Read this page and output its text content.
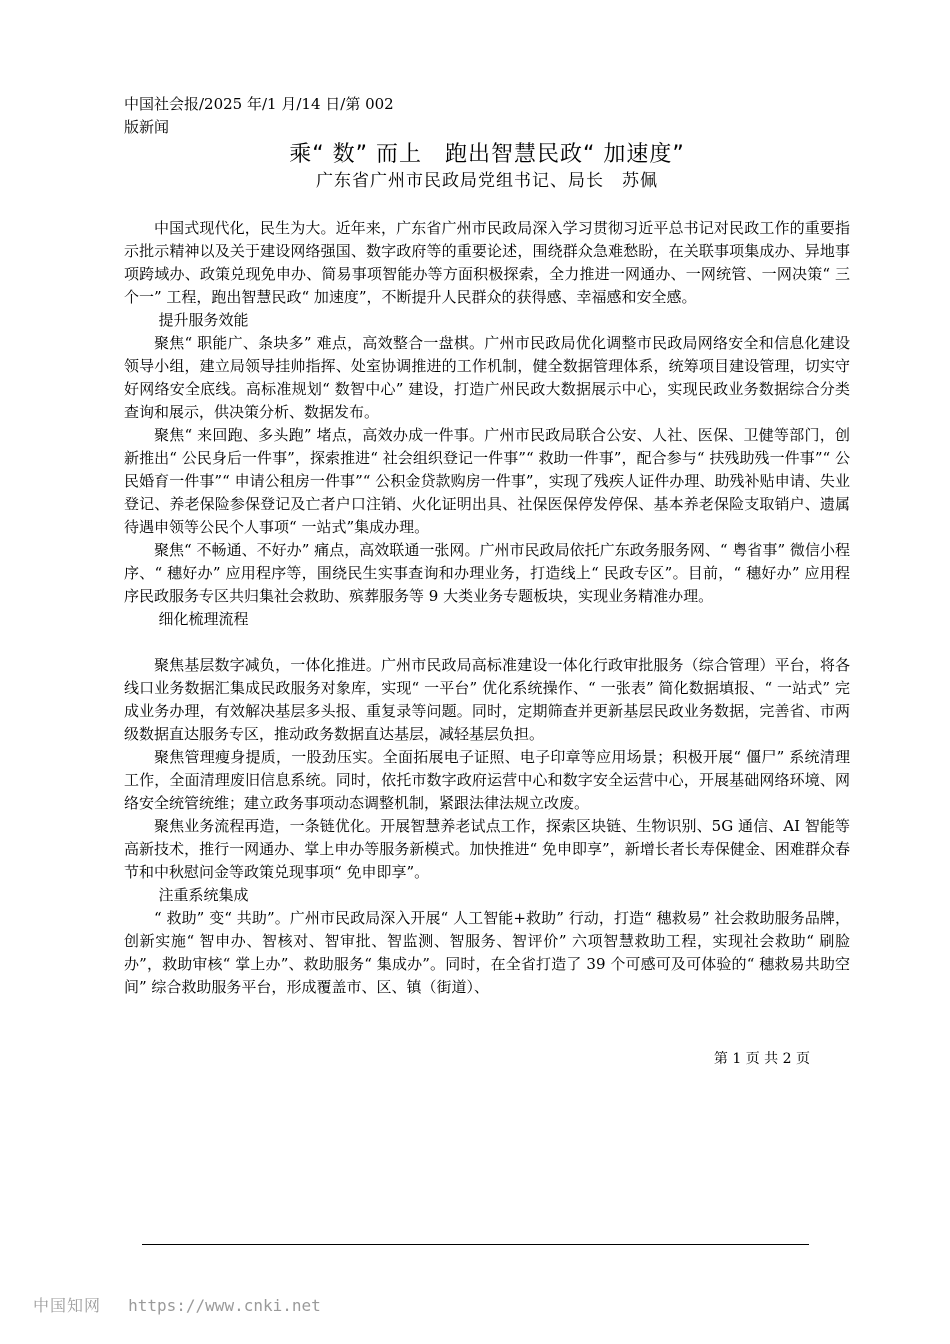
中国社会报/2025 年/1 月/14 日/第 002
版新闻
乘“ 数” 而上　跑出智慧民政“ 加速度”
广东省广州市民政局党组书记、局长　苏佩

中国式现代化，民生为大。近年来，广东省广州市民政局深入学习贯彻习近平总书记对民政工作的重要指示批示精神以及关于建设网络强国、数字政府等的重要论述，围绕群众急难愁盼，在关联事项集成办、异地事项跨域办、政策兑现免申办、简易事项智能办等方面积极探索，全力推进一网通办、一网统管、一网决策“ 三个一” 工程，跑出智慧民政“ 加速度”，不断提升人民群众的获得感、幸福感和安全感。

提升服务效能

聚焦“ 职能广、条块多” 难点，高效整合一盘棋。广州市民政局优化调整市民政局网络安全和信息化建设领导小组，建立局领导挂帅指挥、处室协调推进的工作机制，健全数据管理体系，统筹项目建设管理，切实守好网络安全底线。高标准规划“ 数智中心” 建设，打造广州民政大数据展示中心，实现民政业务数据综合分类查询和展示，供决策分析、数据发布。

聚焦“ 来回跑、多头跑” 堵点，高效办成一件事。广州市民政局联合公安、人社、医保、卫健等部门，创新推出“ 公民身后一件事”，探索推进“ 社会组织登记一件事”“ 救助一件事”，配合参与“ 扶残助残一件事”“ 公民婚育一件事”“ 申请公租房一件事”“ 公积金贷款购房一件事”，实现了残疾人证件办理、助残补贴申请、失业登记、养老保险参保登记及亡者户口注销、火化证明出具、社保医保停发停保、基本养老保险支取销户、遗属待遇申领等公民个人事项“ 一站式”集成办理。

聚焦“ 不畅通、不好办” 痛点，高效联通一张网。广州市民政局依托广东政务服务网、“ 粤省事” 微信小程序、“ 穗好办” 应用程序等，围绕民生实事查询和办理业务，打造线上“ 民政专区”。目前，“ 穗好办” 应用程序民政服务专区共归集社会救助、殡葬服务等 9 大类业务专题板块，实现业务精准办理。

细化梳理流程

聚焦基层数字减负，一体化推进。广州市民政局高标准建设一体化行政审批服务（综合管理）平台，将各线口业务数据汇集成民政服务对象库，实现“ 一平台” 优化系统操作、“ 一张表” 简化数据填报、“ 一站式” 完成业务办理，有效解决基层多头报、重复录等问题。同时，定期筛查并更新基层民政业务数据，完善省、市两级数据直达服务专区，推动政务数据直达基层，减轻基层负担。

聚焦管理瘦身提质，一股劲压实。全面拓展电子证照、电子印章等应用场景；积极开展“ 僵尸” 系统清理工作，全面清理废旧信息系统。同时，依托市数字政府运营中心和数字安全运营中心，开展基础网络环境、网络安全统管统维；建立政务事项动态调整机制，紧跟法律法规立改废。

聚焦业务流程再造，一条链优化。开展智慧养老试点工作，探索区块链、生物识别、5G 通信、AI 智能等高新技术，推行一网通办、掌上申办等服务新模式。加快推进“ 免申即享”，新增长者长寿保健金、困难群众春节和中秋慰问金等政策兑现事项“ 免申即享”。

注重系统集成

“ 救助” 变“ 共助”。广州市民政局深入开展“ 人工智能+救助” 行动，打造“ 穗救易” 社会救助服务品牌，创新实施“ 智申办、智核对、智审批、智监测、智服务、智评价” 六项智慧救助工程，实现社会救助“ 刷脸办”，救助审核“ 掌上办”、救助服务“ 集成办”。同时，在全省打造了 39 个可感可及可体验的“ 穗救易共助空间” 综合救助服务平台，形成覆盖市、区、镇（街道）、

第 1 页 共 2 页
中国知网 https://www.cnki.net
